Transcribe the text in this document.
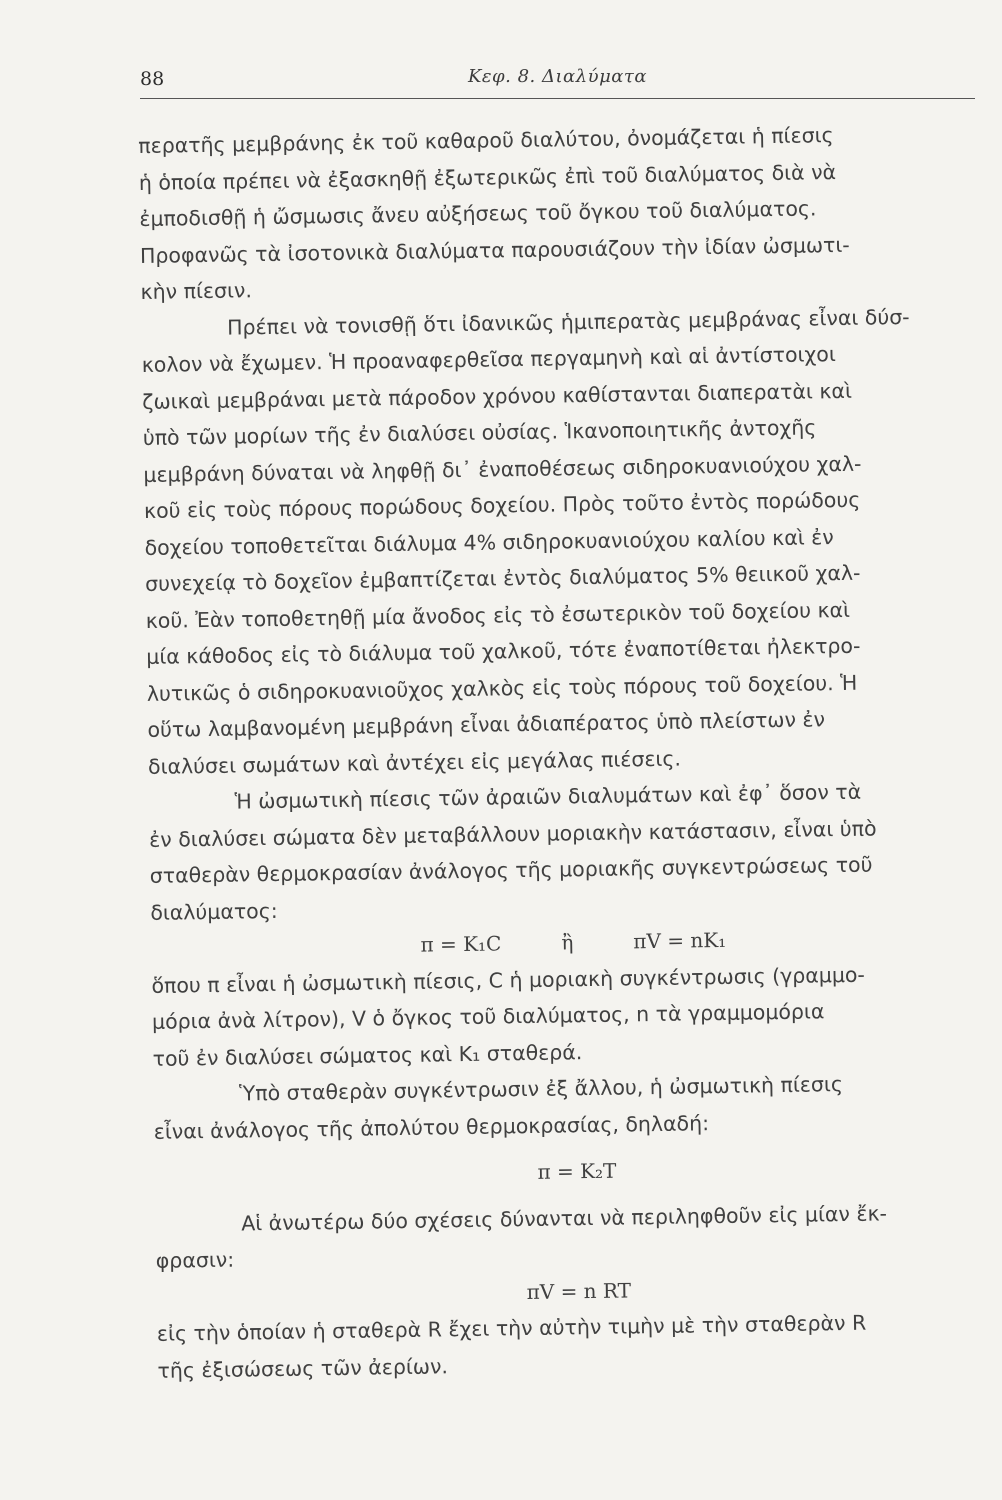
88	Κεφ. 8. Διαλύματα
περατῆς μεμβράνης ἐκ τοῦ καθαροῦ διαλύτου, ὀνομάζεται ἡ πίεσις
ἡ ὁποία πρέπει νὰ ἐξασκηθῇ ἐξωτερικῶς ἐπὶ τοῦ διαλύματος διὰ νὰ
ἐμποδισθῇ ἡ ὤσμωσις ἄνευ αὐξήσεως τοῦ ὄγκου τοῦ διαλύματος.
Προφανῶς τὰ ἰσοτονικὰ διαλύματα παρουσιάζουν τὴν ἰδίαν ὠσμωτι-
κὴν πίεσιν.
Πρέπει νὰ τονισθῇ ὅτι ἰδανικῶς ἡμιπερατὰς μεμβράνας εἶναι δύσ-
κολον νὰ ἔχωμεν. Ἡ προαναφερθεῖσα περγαμηνὴ καὶ αἱ ἀντίστοιχοι
ζωικαὶ μεμβράναι μετὰ πάροδον χρόνου καθίστανται διαπερατὰι καὶ
ὑπὸ τῶν μορίων τῆς ἐν διαλύσει οὐσίας. Ἱκανοποιητικῆς ἀντοχῆς
μεμβράνη δύναται νὰ ληφθῇ δι᾽ ἐναποθέσεως σιδηροκυανιούχου χαλ-
κοῦ εἰς τοὺς πόρους πορώδους δοχείου. Πρὸς τοῦτο ἐντὸς πορώδους
δοχείου τοποθετεῖται διάλυμα 4% σιδηροκυανιούχου καλίου καὶ ἐν
συνεχείᾳ τὸ δοχεῖον ἐμβαπτίζεται ἐντὸς διαλύματος 5% θειικοῦ χαλ-
κοῦ. Ἐὰν τοποθετηθῇ μία ἄνοδος εἰς τὸ ἐσωτερικὸν τοῦ δοχείου καὶ
μία κάθοδος εἰς τὸ διάλυμα τοῦ χαλκοῦ, τότε ἐναποτίθεται ἠλεκτρο-
λυτικῶς ὁ σιδηροκυανιοῦχος χαλκὸς εἰς τοὺς πόρους τοῦ δοχείου. Ἡ
οὕτω λαμβανομένη μεμβράνη εἶναι ἀδιαπέρατος ὑπὸ πλείστων ἐν
διαλύσει σωμάτων καὶ ἀντέχει εἰς μεγάλας πιέσεις.
Ἡ ὠσμωτικὴ πίεσις τῶν ἀραιῶν διαλυμάτων καὶ ἐφ᾽ ὅσον τὰ
ἐν διαλύσει σώματα δὲν μεταβάλλουν μοριακὴν κατάστασιν, εἶναι ὑπὸ
σταθερὰν θερμοκρασίαν ἀνάλογος τῆς μοριακῆς συγκεντρώσεως τοῦ
διαλύματος:
π = K₁C	ἢ	πV = nK₁
ὅπου π εἶναι ἡ ὠσμωτικὴ πίεσις, C ἡ μοριακὴ συγκέντρωσις (γραμμο-
μόρια ἀνὰ λίτρον), V ὁ ὄγκος τοῦ διαλύματος, n τὰ γραμμομόρια
τοῦ ἐν διαλύσει σώματος καὶ K₁ σταθερά.
Ὑπὸ σταθερὰν συγκέντρωσιν ἐξ ἄλλου, ἡ ὠσμωτικὴ πίεσις
εἶναι ἀνάλογος τῆς ἀπολύτου θερμοκρασίας, δηλαδή:
π = K₂T
Αἱ ἀνωτέρω δύο σχέσεις δύνανται νὰ περιληφθοῦν εἰς μίαν ἔκ-
φρασιν:
πV = n RT
εἰς τὴν ὁποίαν ἡ σταθερὰ R ἔχει τὴν αὐτὴν τιμὴν μὲ τὴν σταθερὰν R
τῆς ἐξισώσεως τῶν ἀερίων.
